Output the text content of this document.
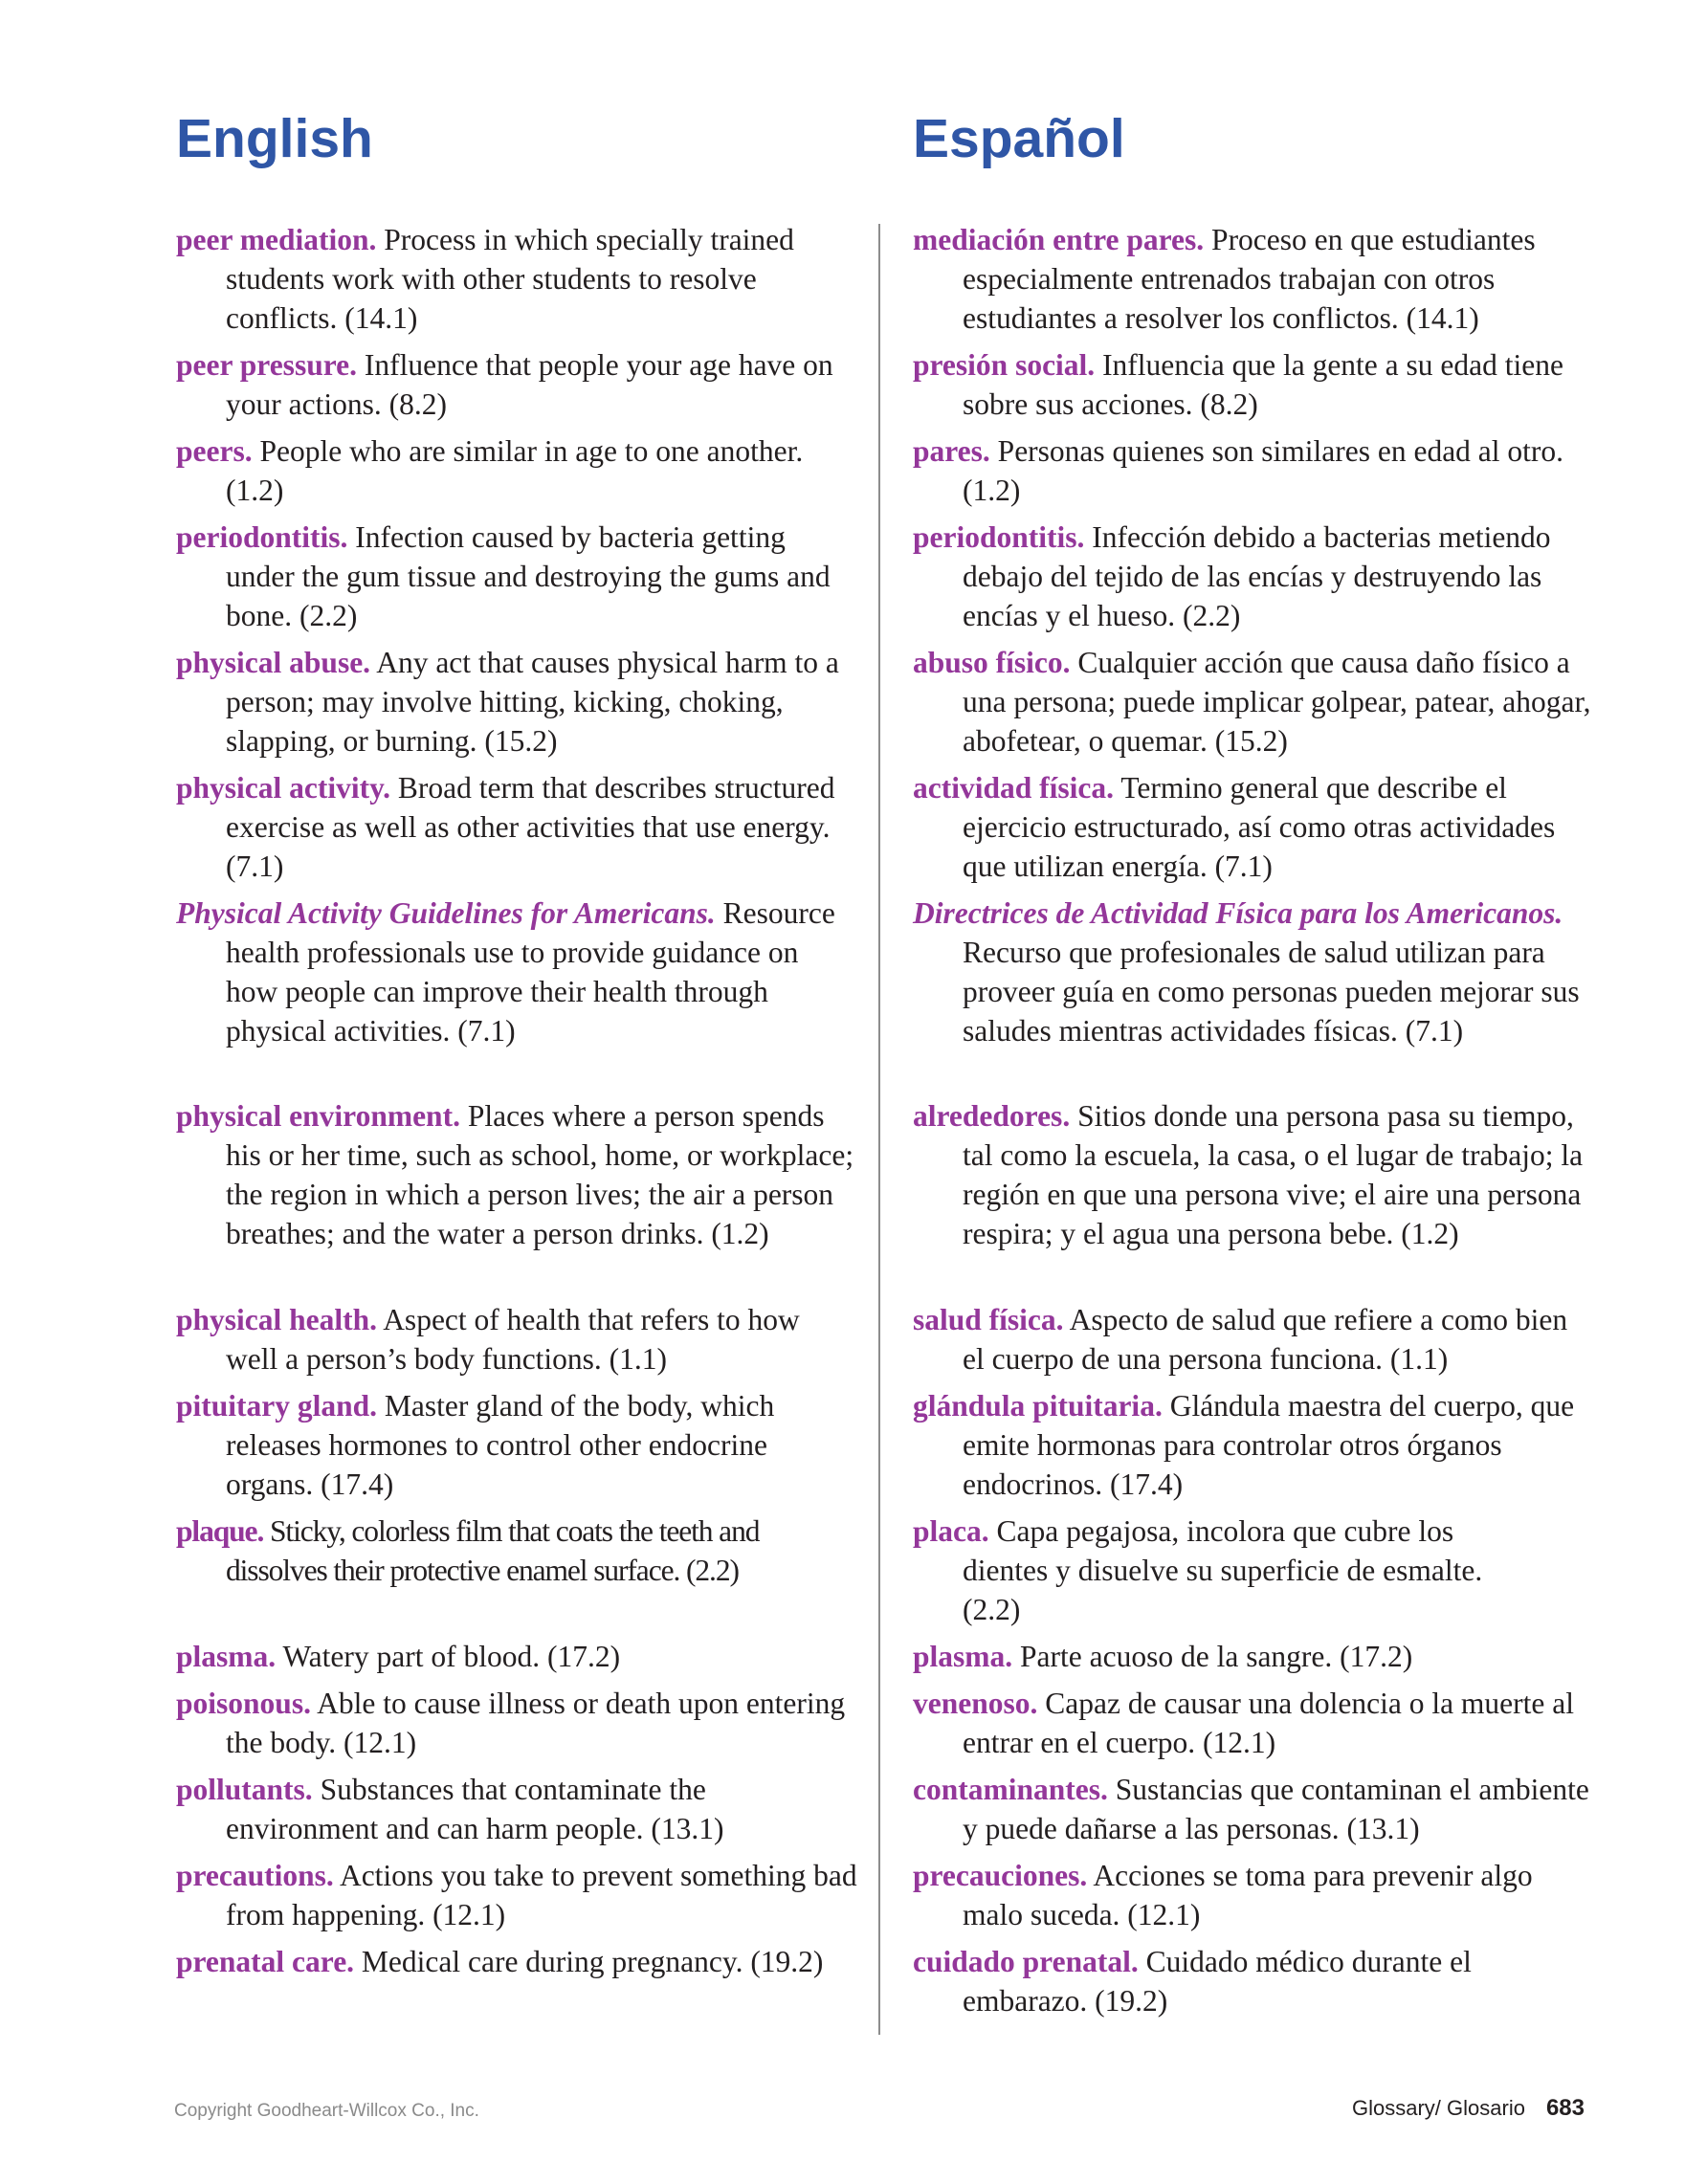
English
peer mediation. Process in which specially trained students work with other students to resolve conflicts. (14.1)
peer pressure. Influence that people your age have on your actions. (8.2)
peers. People who are similar in age to one another. (1.2)
periodontitis. Infection caused by bacteria getting under the gum tissue and destroying the gums and bone. (2.2)
physical abuse. Any act that causes physical harm to a person; may involve hitting, kicking, choking, slapping, or burning. (15.2)
physical activity. Broad term that describes structured exercise as well as other activities that use energy. (7.1)
Physical Activity Guidelines for Americans. Resource health professionals use to provide guidance on how people can improve their health through physical activities. (7.1)
physical environment. Places where a person spends his or her time, such as school, home, or workplace; the region in which a person lives; the air a person breathes; and the water a person drinks. (1.2)
physical health. Aspect of health that refers to how well a person’s body functions. (1.1)
pituitary gland. Master gland of the body, which releases hormones to control other endocrine organs. (17.4)
plaque. Sticky, colorless film that coats the teeth and dissolves their protective enamel surface. (2.2)
plasma. Watery part of blood. (17.2)
poisonous. Able to cause illness or death upon entering the body. (12.1)
pollutants. Substances that contaminate the environment and can harm people. (13.1)
precautions. Actions you take to prevent something bad from happening. (12.1)
prenatal care. Medical care during pregnancy. (19.2)
Español
mediación entre pares. Proceso en que estudiantes especialmente entrenados trabajan con otros estudiantes a resolver los conflictos. (14.1)
presión social. Influencia que la gente a su edad tiene sobre sus acciones. (8.2)
pares. Personas quienes son similares en edad al otro. (1.2)
periodontitis. Infección debido a bacterias metiendo debajo del tejido de las encías y destruyendo las encías y el hueso. (2.2)
abuso físico. Cualquier acción que causa daño físico a una persona; puede implicar golpear, patear, ahogar, abofetear, o quemar. (15.2)
actividad física. Termino general que describe el ejercicio estructurado, así como otras actividades que utilizan energía. (7.1)
Directrices de Actividad Física para los Americanos. Recurso que profesionales de salud utilizan para proveer guía en como personas pueden mejorar sus saludes mientras actividades físicas. (7.1)
alrededores. Sitios donde una persona pasa su tiempo, tal como la escuela, la casa, o el lugar de trabajo; la región en que una persona vive; el aire una persona respira; y el agua una persona bebe. (1.2)
salud física. Aspecto de salud que refiere a como bien el cuerpo de una persona funciona. (1.1)
glándula pituitaria. Glándula maestra del cuerpo, que emite hormonas para controlar otros órganos endocrinos. (17.4)
placa. Capa pegajosa, incolora que cubre los dientes y disuelve su superficie de esmalte. (2.2)
plasma. Parte acuoso de la sangre. (17.2)
venenoso. Capaz de causar una dolencia o la muerte al entrar en el cuerpo. (12.1)
contaminantes. Sustancias que contaminan el ambiente y puede dañarse a las personas. (13.1)
precauciones. Acciones se toma para prevenir algo malo suceda. (12.1)
cuidado prenatal. Cuidado médico durante el embarazo. (19.2)
Copyright Goodheart-Willcox Co., Inc.	Glossary/ Glosario 683
